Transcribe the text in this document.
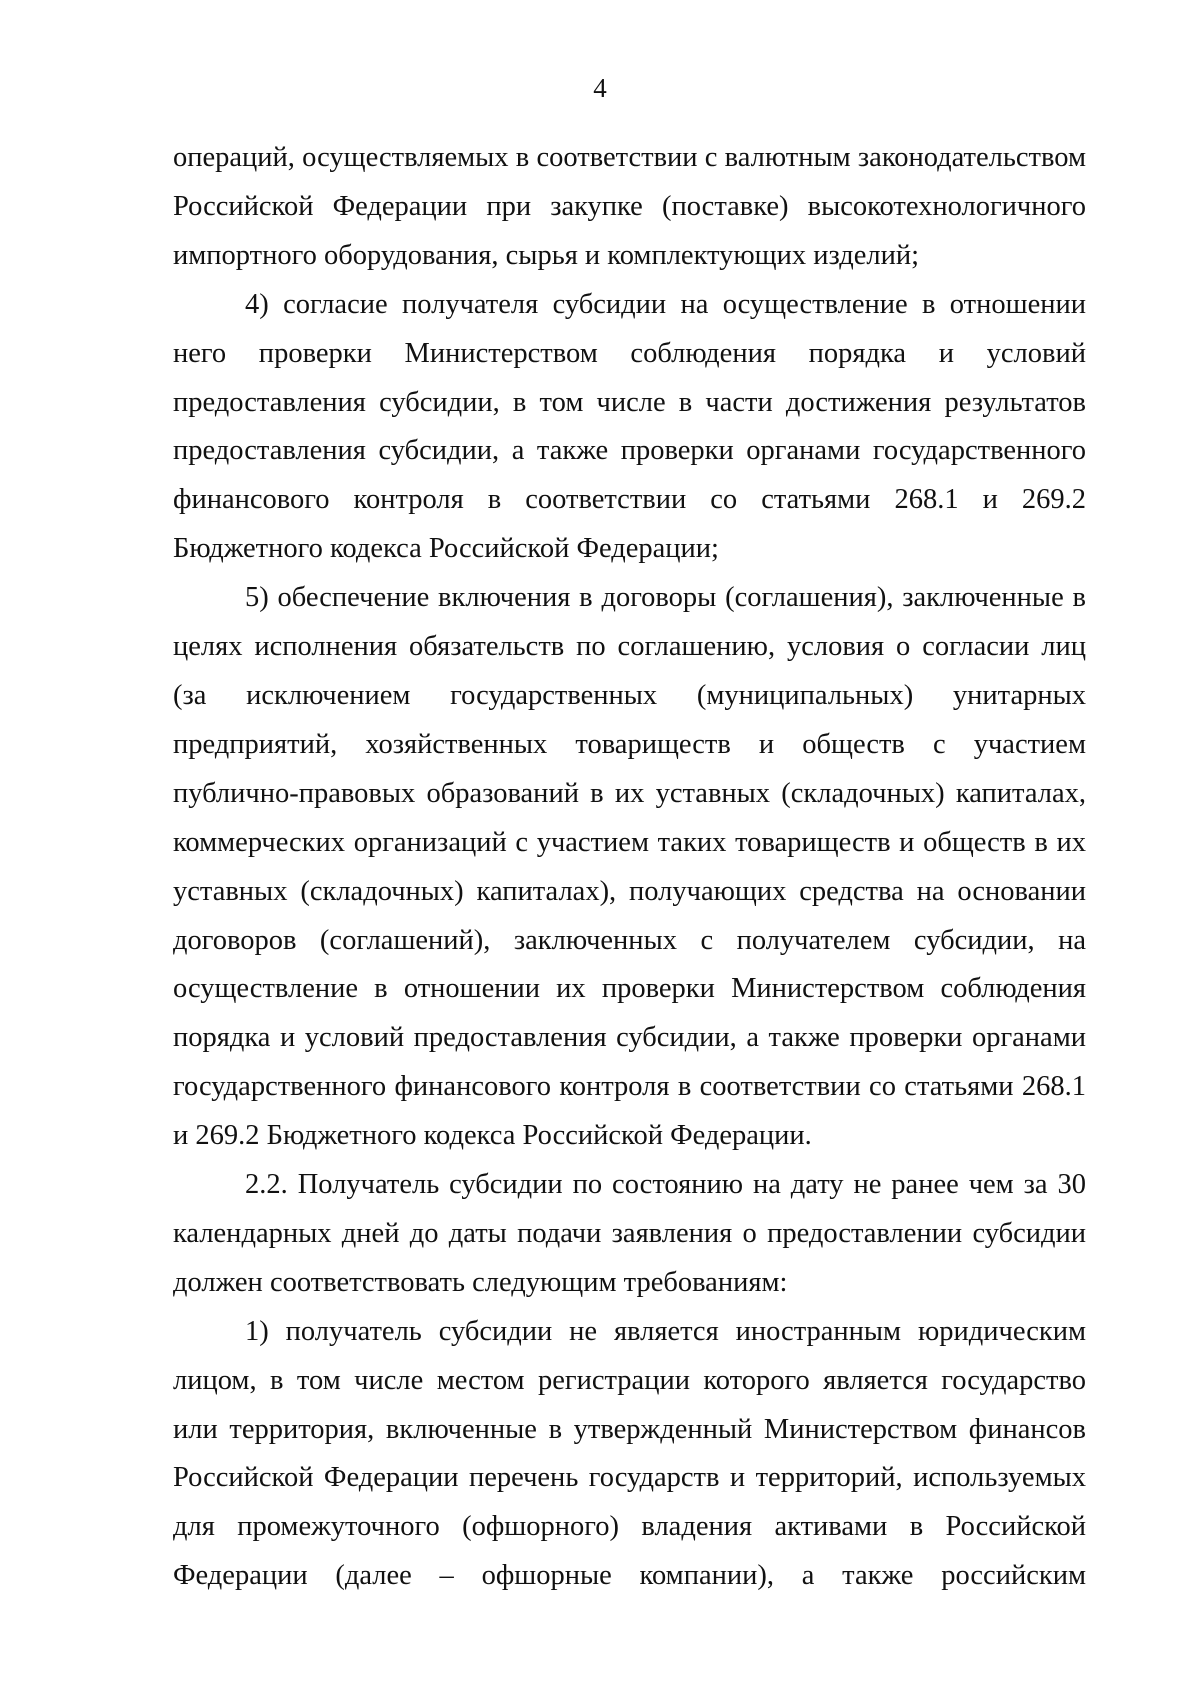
4

операций, осуществляемых в соответствии с валютным законодательством Российской Федерации при закупке (поставке) высокотехнологичного импортного оборудования, сырья и комплектующих изделий;

4) согласие получателя субсидии на осуществление в отношении него проверки Министерством соблюдения порядка и условий предоставления субсидии, в том числе в части достижения результатов предоставления субсидии, а также проверки органами государственного финансового контроля в соответствии со статьями 268.1 и 269.2 Бюджетного кодекса Российской Федерации;

5) обеспечение включения в договоры (соглашения), заключенные в целях исполнения обязательств по соглашению, условия о согласии лиц (за исключением государственных (муниципальных) унитарных предприятий, хозяйственных товариществ и обществ с участием публично-правовых образований в их уставных (складочных) капиталах, коммерческих организаций с участием таких товариществ и обществ в их уставных (складочных) капиталах), получающих средства на основании договоров (соглашений), заключенных с получателем субсидии, на осуществление в отношении их проверки Министерством соблюдения порядка и условий предоставления субсидии, а также проверки органами государственного финансового контроля в соответствии со статьями 268.1 и 269.2 Бюджетного кодекса Российской Федерации.

2.2. Получатель субсидии по состоянию на дату не ранее чем за 30 календарных дней до даты подачи заявления о предоставлении субсидии должен соответствовать следующим требованиям:

1) получатель субсидии не является иностранным юридическим лицом, в том числе местом регистрации которого является государство или территория, включенные в утвержденный Министерством финансов Российской Федерации перечень государств и территорий, используемых для промежуточного (офшорного) владения активами в Российской Федерации (далее – офшорные компании), а также российским
